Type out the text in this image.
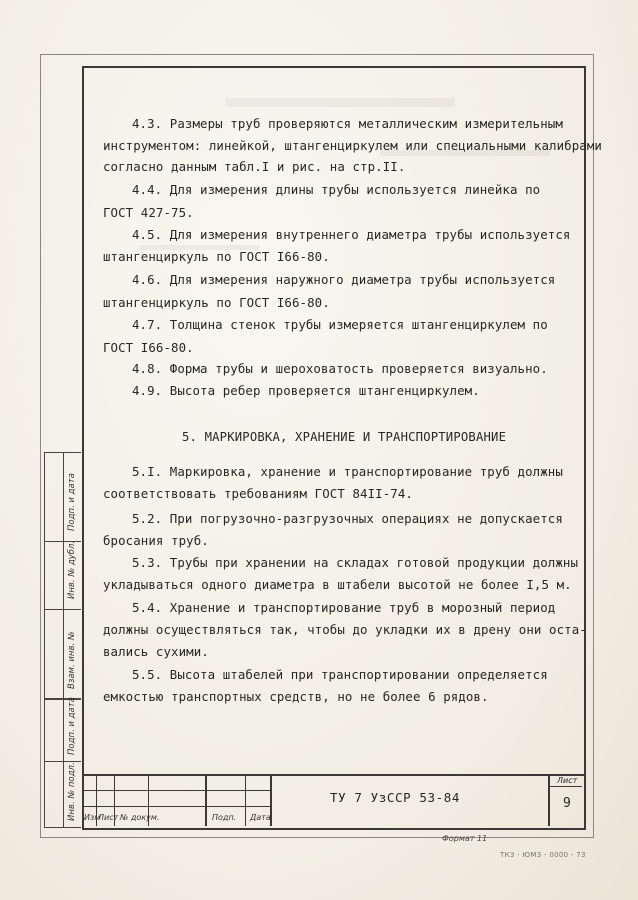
4.3. Размеры труб проверяются металлическим измерительным
инструментом: линейкой, штангенциркулем или специальными калибрами
согласно данным табл.I и рис. на стр.II.
4.4. Для измерения длины трубы используется линейка по
ГОСТ 427-75.
4.5. Для измерения внутреннего диаметра трубы используется
штангенциркуль по ГОСТ I66-80.
4.6. Для измерения наружного диаметра трубы используется
штангенциркуль по ГОСТ I66-80.
4.7. Толщина стенок трубы измеряется штангенциркулем по
ГОСТ I66-80.
4.8. Форма трубы и шероховатость проверяется визуально.
4.9. Высота ребер проверяется штангенциркулем.
5. МАРКИРОВКА, ХРАНЕНИЕ И ТРАНСПОРТИРОВАНИЕ
5.I. Маркировка, хранение и транспортирование труб должны
соответствовать требованиям ГОСТ 84II-74.
5.2. При погрузочно-разгрузочных операциях не допускается
бросания труб.
5.3. Трубы при хранении на складах готовой продукции должны
укладываться одного диаметра в штабели высотой не более I,5 м.
5.4. Хранение и транспортирование труб в морозный период
должны осуществляться так, чтобы до укладки их в дрену они оста-
вались сухими.
5.5. Высота штабелей при транспортировании определяется
емкостью транспортных средств, но не более 6 рядов.
Подп. и дата
Инв. № дубл.
Взам. инв. №
Подп. и дата
Инв. № подл. Изм
Лист № докум.	Подп. Дата
ТУ 7 УзССР 53-84
Лист
9
Формат 11
ТКЗ - ЮМЗ - 0000 - 73
